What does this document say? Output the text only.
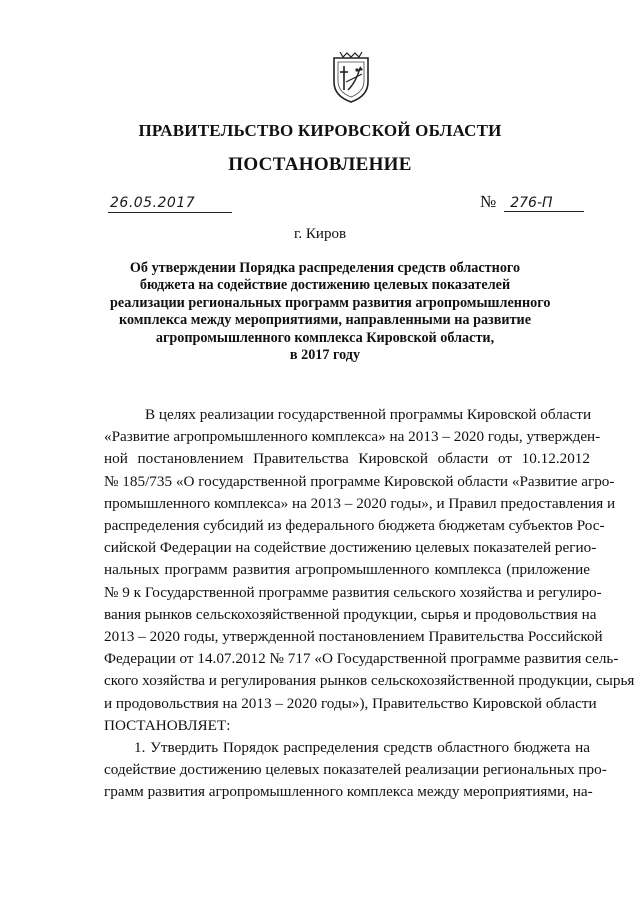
ПРАВИТЕЛЬСТВО КИРОВСКОЙ ОБЛАСТИ
ПОСТАНОВЛЕНИЕ
26.05.2017	№ 276-П
г. Киров
Об утверждении Порядка распределения средств областного
бюджета на содействие достижению целевых показателей
реализации региональных программ развития агропромышленного
комплекса между мероприятиями, направленными на развитие
агропромышленного комплекса Кировской области,
в 2017 году
В целях реализации государственной программы Кировской области
«Развитие агропромышленного комплекса» на 2013 – 2020 годы, утвержден-
ной постановлением Правительства Кировской области от 10.12.2012
№ 185/735 «О государственной программе Кировской области «Развитие агро-
промышленного комплекса» на 2013 – 2020 годы», и Правил предоставления и
распределения субсидий из федерального бюджета бюджетам субъектов Рос-
сийской Федерации на содействие достижению целевых показателей регио-
нальных программ развития агропромышленного комплекса (приложение
№ 9 к Государственной программе развития сельского хозяйства и регулиро-
вания рынков сельскохозяйственной продукции, сырья и продовольствия на
2013 – 2020 годы, утвержденной постановлением Правительства Российской
Федерации от 14.07.2012 № 717 «О Государственной программе развития сель-
ского хозяйства и регулирования рынков сельскохозяйственной продукции, сырья
и продовольствия на 2013 – 2020 годы»), Правительство Кировской области
ПОСТАНОВЛЯЕТ:
1. Утвердить Порядок распределения средств областного бюджета на
содействие достижению целевых показателей реализации региональных про-
грамм развития агропромышленного комплекса между мероприятиями, на-
